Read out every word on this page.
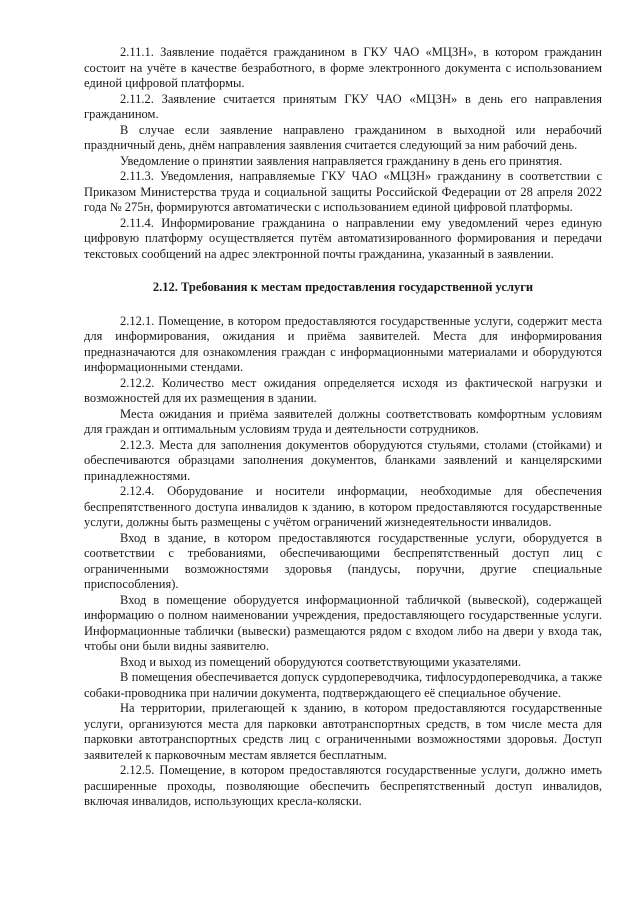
2.11.1. Заявление подаётся гражданином в ГКУ ЧАО «МЦЗН», в котором гражданин состоит на учёте в качестве безработного, в форме электронного документа с использованием единой цифровой платформы.

2.11.2. Заявление считается принятым ГКУ ЧАО «МЦЗН» в день его направления гражданином.

В случае если заявление направлено гражданином в выходной или нерабочий праздничный день, днём направления заявления считается следующий за ним рабочий день.

Уведомление о принятии заявления направляется гражданину в день его принятия.

2.11.3. Уведомления, направляемые ГКУ ЧАО «МЦЗН» гражданину в соответствии с Приказом Министерства труда и социальной защиты Российской Федерации от 28 апреля 2022 года № 275н, формируются автоматически с использованием единой цифровой платформы.

2.11.4. Информирование гражданина о направлении ему уведомлений через единую цифровую платформу осуществляется путём автоматизированного формирования и передачи текстовых сообщений на адрес электронной почты гражданина, указанный в заявлении.

2.12. Требования к местам предоставления государственной услуги

2.12.1. Помещение, в котором предоставляются государственные услуги, содержит места для информирования, ожидания и приёма заявителей. Места для информирования предназначаются для ознакомления граждан с информационными материалами и оборудуются информационными стендами.

2.12.2. Количество мест ожидания определяется исходя из фактической нагрузки и возможностей для их размещения в здании.

Места ожидания и приёма заявителей должны соответствовать комфортным условиям для граждан и оптимальным условиям труда и деятельности сотрудников.

2.12.3. Места для заполнения документов оборудуются стульями, столами (стойками) и обеспечиваются образцами заполнения документов, бланками заявлений и канцелярскими принадлежностями.

2.12.4. Оборудование и носители информации, необходимые для обеспечения беспрепятственного доступа инвалидов к зданию, в котором предоставляются государственные услуги, должны быть размещены с учётом ограничений жизнедеятельности инвалидов.

Вход в здание, в котором предоставляются государственные услуги, оборудуется в соответствии с требованиями, обеспечивающими беспрепятственный доступ лиц с ограниченными возможностями здоровья (пандусы, поручни, другие специальные приспособления).

Вход в помещение оборудуется информационной табличкой (вывеской), содержащей информацию о полном наименовании учреждения, предоставляющего государственные услуги. Информационные таблички (вывески) размещаются рядом с входом либо на двери у входа так, чтобы они были видны заявителю.

Вход и выход из помещений оборудуются соответствующими указателями.

В помещения обеспечивается допуск сурдопереводчика, тифлосурдопереводчика, а также собаки-проводника при наличии документа, подтверждающего её специальное обучение.

На территории, прилегающей к зданию, в котором предоставляются государственные услуги, организуются места для парковки автотранспортных средств, в том числе места для парковки автотранспортных средств лиц с ограниченными возможностями здоровья. Доступ заявителей к парковочным местам является бесплатным.

2.12.5. Помещение, в котором предоставляются государственные услуги, должно иметь расширенные проходы, позволяющие обеспечить беспрепятственный доступ инвалидов, включая инвалидов, использующих кресла-коляски.
